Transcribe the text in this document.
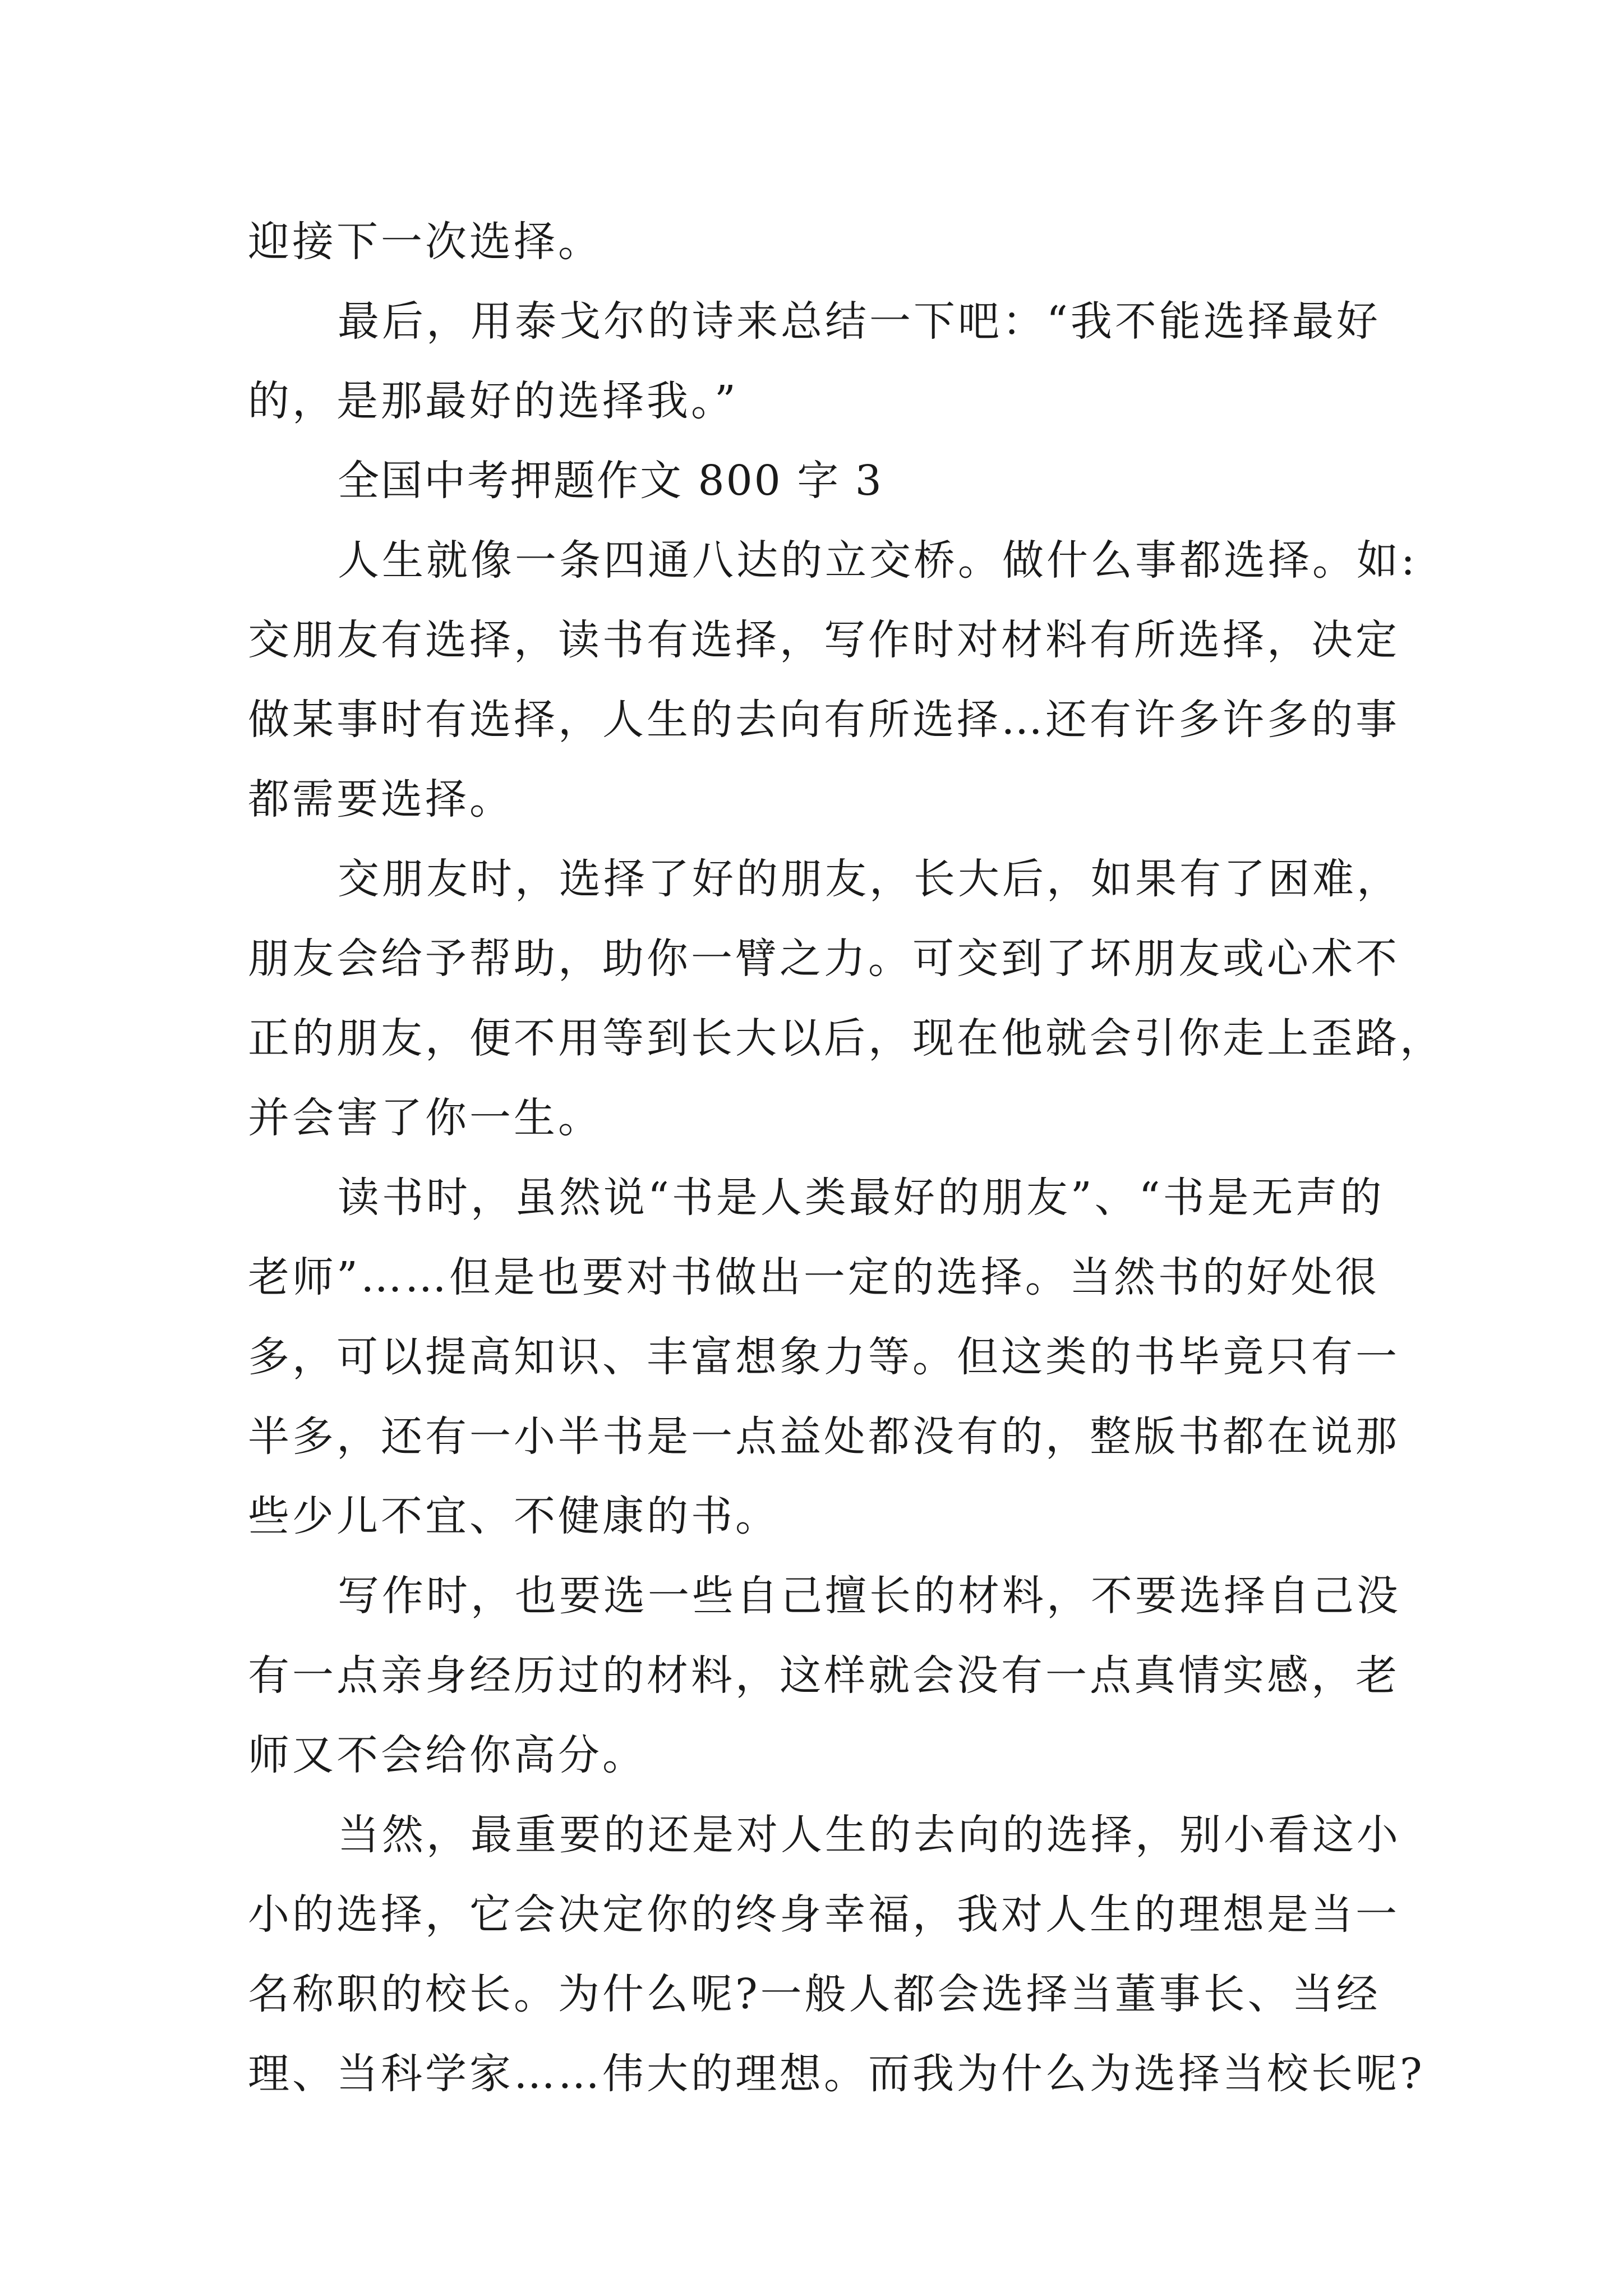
迎接下一次选择。
最后，用泰戈尔的诗来总结一下吧：“我不能选择最好
的，是那最好的选择我。”
全国中考押题作文 800 字 3
人生就像一条四通八达的立交桥。做什么事都选择。如:
交朋友有选择，读书有选择，写作时对材料有所选择，决定
做某事时有选择，人生的去向有所选择…还有许多许多的事
都需要选择。
交朋友时，选择了好的朋友，长大后，如果有了困难，
朋友会给予帮助，助你一臂之力。可交到了坏朋友或心术不
正的朋友，便不用等到长大以后，现在他就会引你走上歪路，
并会害了你一生。
读书时，虽然说“书是人类最好的朋友”、“书是无声的
老师”……但是也要对书做出一定的选择。当然书的好处很
多，可以提高知识、丰富想象力等。但这类的书毕竟只有一
半多，还有一小半书是一点益处都没有的，整版书都在说那
些少儿不宜、不健康的书。
写作时，也要选一些自己擅长的材料，不要选择自己没
有一点亲身经历过的材料，这样就会没有一点真情实感，老
师又不会给你高分。
当然，最重要的还是对人生的去向的选择，别小看这小
小的选择，它会决定你的终身幸福，我对人生的理想是当一
名称职的校长。为什么呢?一般人都会选择当董事长、当经
理、当科学家……伟大的理想。而我为什么为选择当校长呢?
